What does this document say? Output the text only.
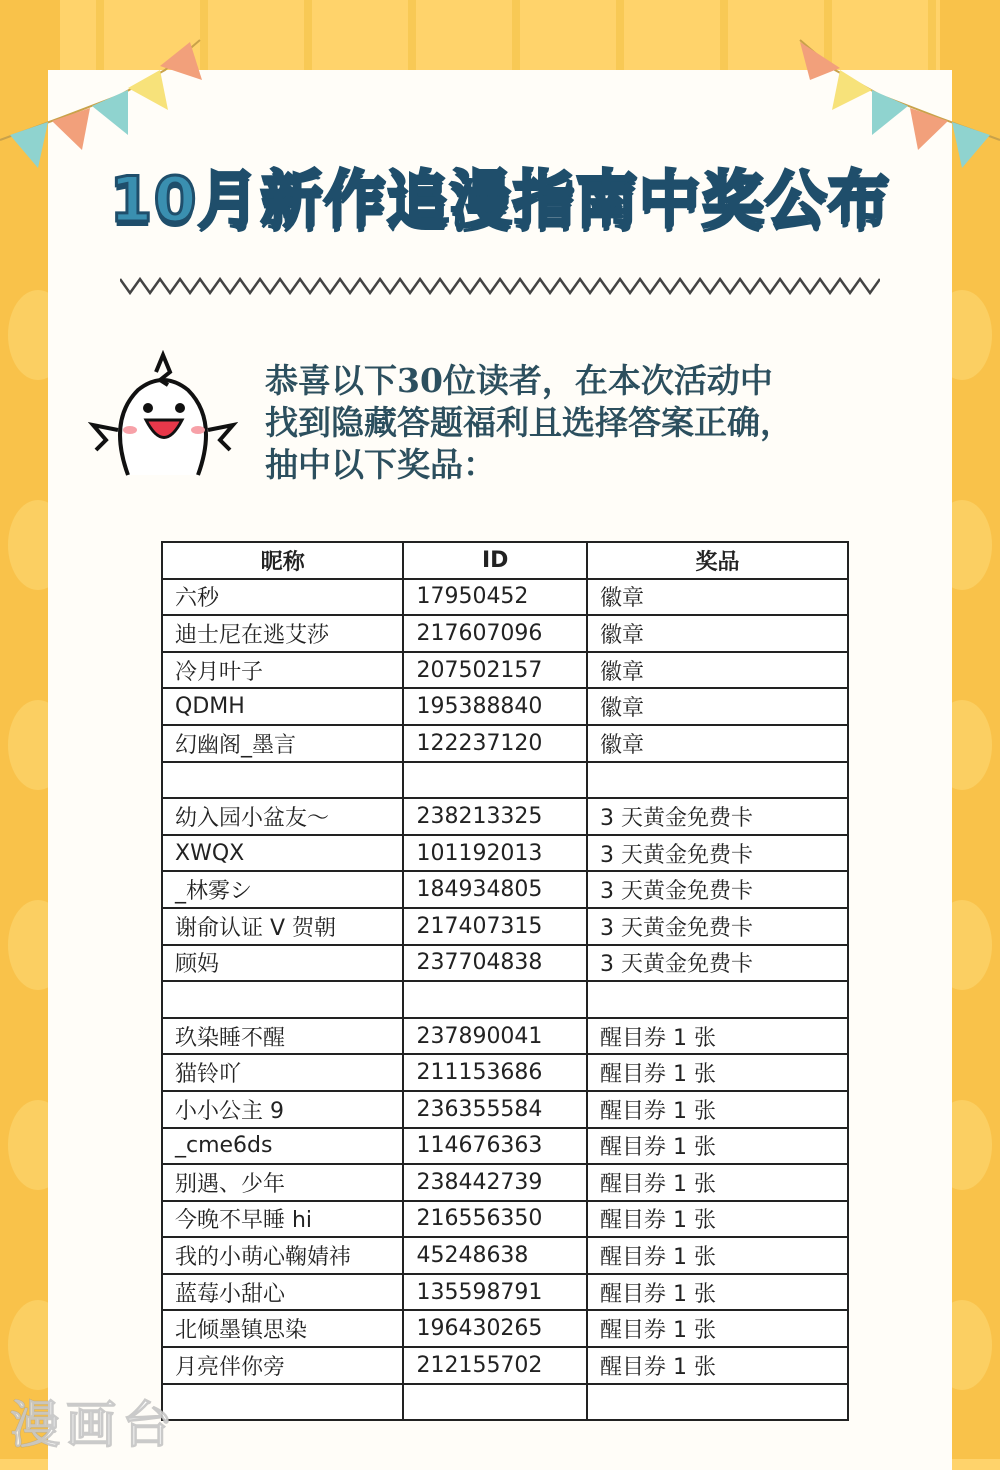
10月新作追漫指南中奖公布
恭喜以下30位读者，在本次活动中
找到隐藏答题福利且选择答案正确，
抽中以下奖品：
昵称	ID	奖品
六秒	17950452	徽章
迪士尼在逃艾莎	217607096	徽章
冷月叶子	207502157	徽章
QDMH	195388840	徽章
幻幽阁_墨言	122237120	徽章

幼入园小盆友～	238213325	3 天黄金免费卡
XWQX	101192013	3 天黄金免费卡
_林雾シ	184934805	3 天黄金免费卡
谢俞认证 V 贺朝	217407315	3 天黄金免费卡
顾妈	237704838	3 天黄金免费卡

玖染睡不醒	237890041	醒目券 1 张
猫铃吖	211153686	醒目券 1 张
小小公主 9	236355584	醒目券 1 张
_cme6ds	114676363	醒目券 1 张
别遇、少年	238442739	醒目券 1 张
今晚不早睡 hi	216556350	醒目券 1 张
我的小萌心鞠婧祎	45248638	醒目券 1 张
蓝莓小甜心	135598791	醒目券 1 张
北倾墨镇思染	196430265	醒目券 1 张
月亮伴你旁	212155702	醒目券 1 张

漫画台
